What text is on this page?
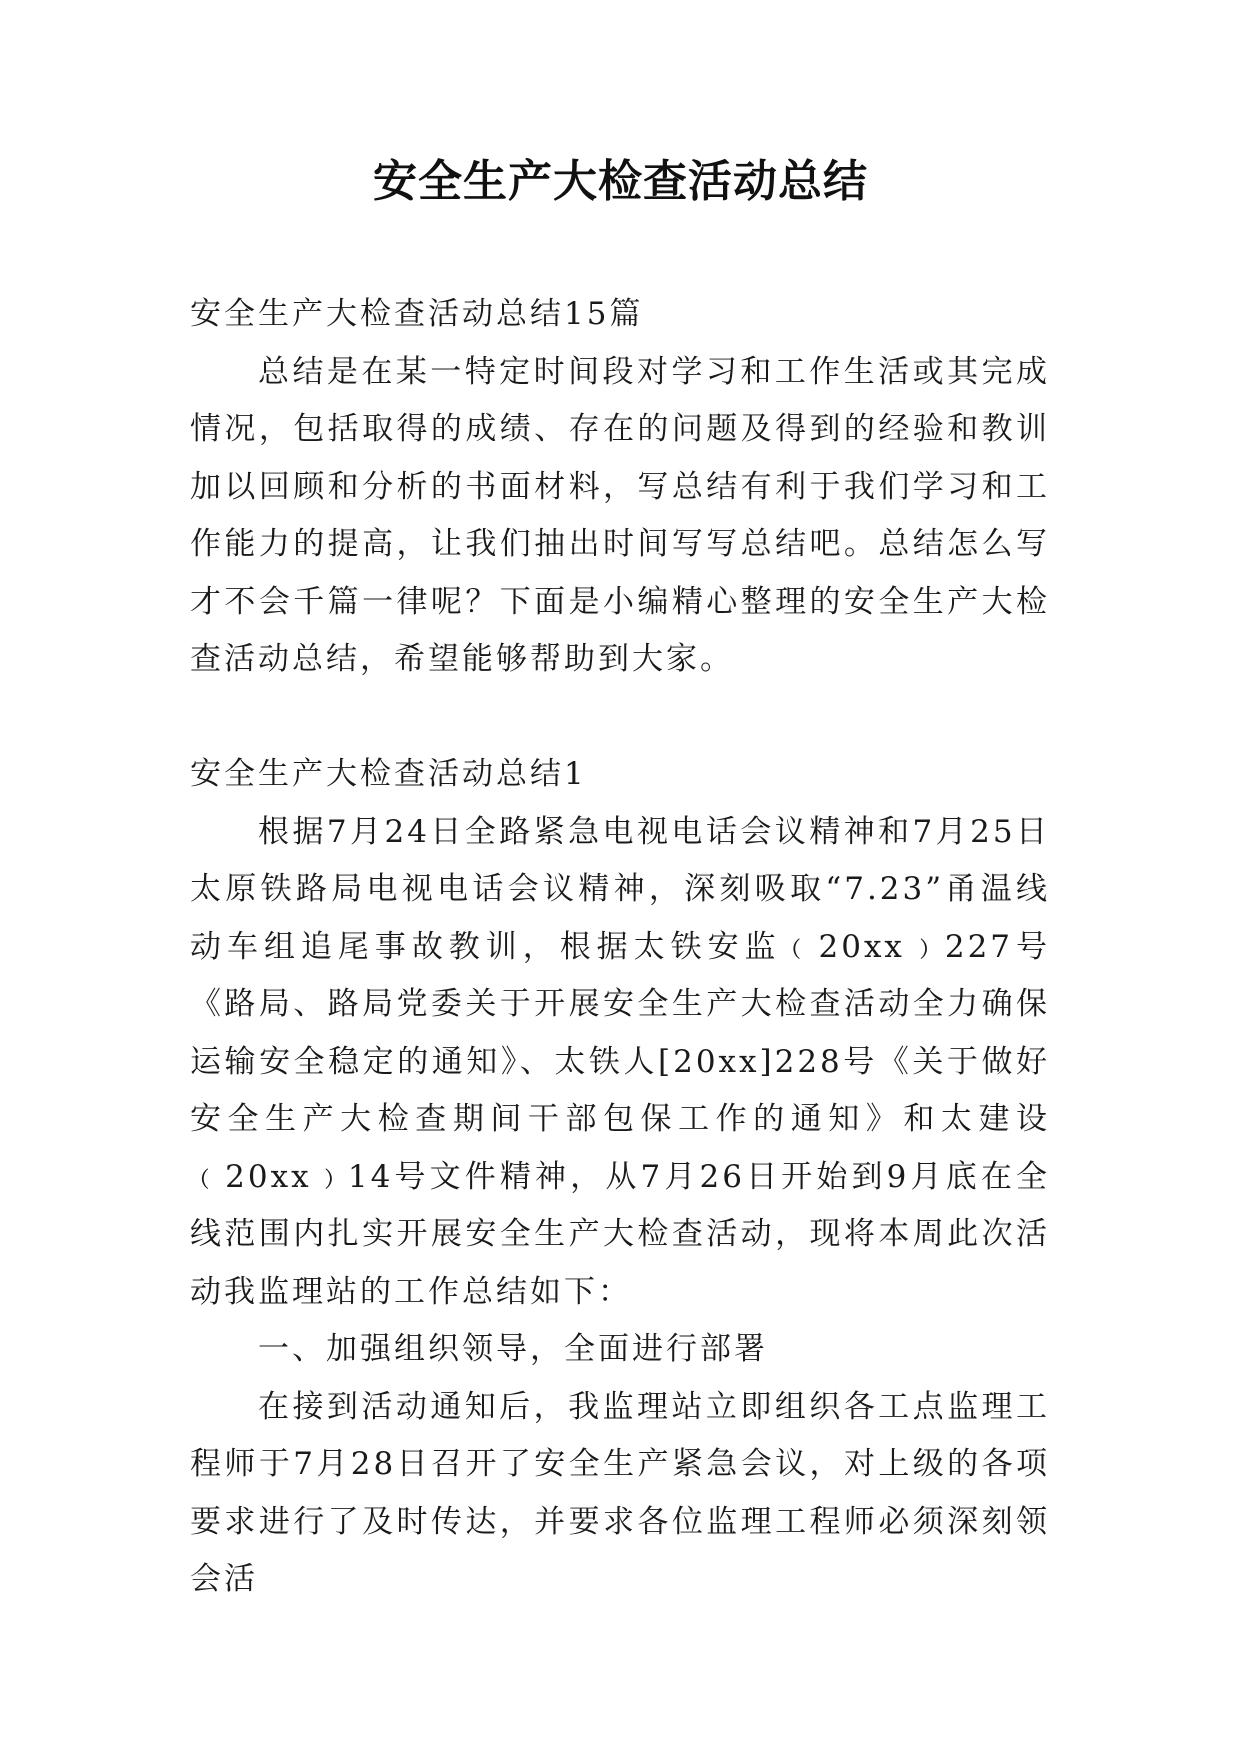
安全生产大检查活动总结

安全生产大检查活动总结15篇

总结是在某一特定时间段对学习和工作生活或其完成情况，包括取得的成绩、存在的问题及得到的经验和教训加以回顾和分析的书面材料，写总结有利于我们学习和工作能力的提高，让我们抽出时间写写总结吧。总结怎么写才不会千篇一律呢？下面是小编精心整理的安全生产大检查活动总结，希望能够帮助到大家。

安全生产大检查活动总结1

根据7月24日全路紧急电视电话会议精神和7月25日太原铁路局电视电话会议精神，深刻吸取“7.23”甬温线动车组追尾事故教训，根据太铁安监﹙20xx﹚227号《路局、路局党委关于开展安全生产大检查活动全力确保运输安全稳定的通知》、太铁人[20xx]228号《关于做好安全生产大检查期间干部包保工作的通知》和太建设﹙20xx﹚14号文件精神，从7月26日开始到9月底在全线范围内扎实开展安全生产大检查活动，现将本周此次活动我监理站的工作总结如下：

一、加强组织领导，全面进行部署

在接到活动通知后，我监理站立即组织各工点监理工程师于7月28日召开了安全生产紧急会议，对上级的各项要求进行了及时传达，并要求各位监理工程师必须深刻领会活
